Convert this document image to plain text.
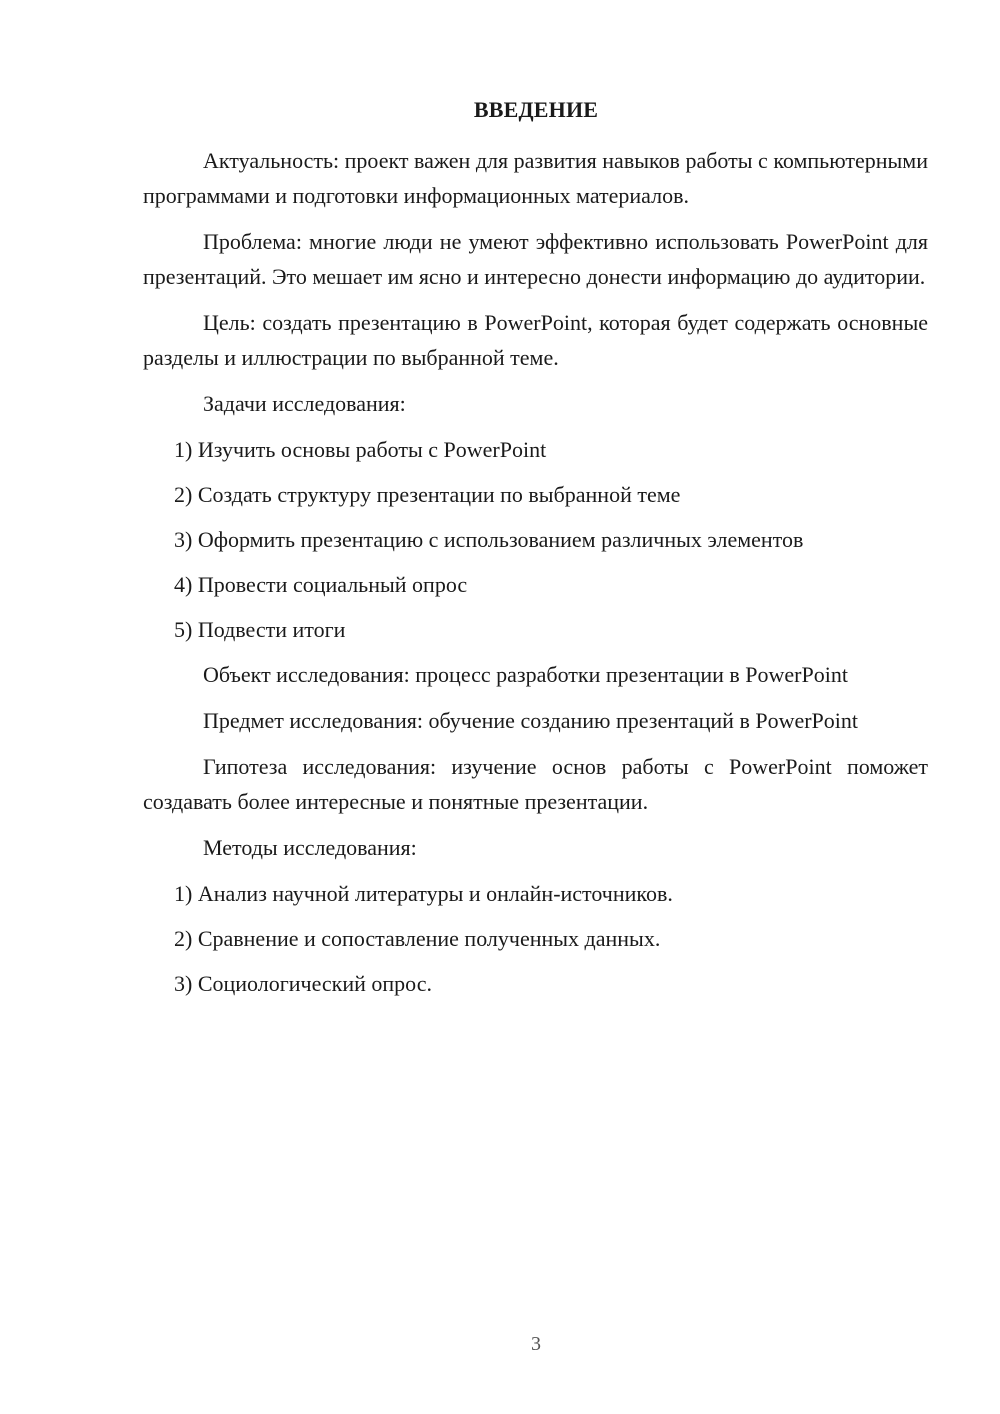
ВВЕДЕНИЕ

Актуальность: проект важен для развития навыков работы с компьютерными программами и подготовки информационных материалов.

Проблема: многие люди не умеют эффективно использовать PowerPoint для презентаций. Это мешает им ясно и интересно донести информацию до аудитории.

Цель: создать презентацию в PowerPoint, которая будет содержать основные разделы и иллюстрации по выбранной теме.

Задачи исследования:

1) Изучить основы работы с PowerPoint

2) Создать структуру презентации по выбранной теме

3) Оформить презентацию с использованием различных элементов

4) Провести социальный опрос

5) Подвести итоги

Объект исследования: процесс разработки презентации в PowerPoint

Предмет исследования: обучение созданию презентаций в PowerPoint

Гипотеза исследования: изучение основ работы с PowerPoint поможет создавать более интересные и понятные презентации.

Методы исследования:

1) Анализ научной литературы и онлайн-источников.

2) Сравнение и сопоставление полученных данных.

3) Социологический опрос.

3
